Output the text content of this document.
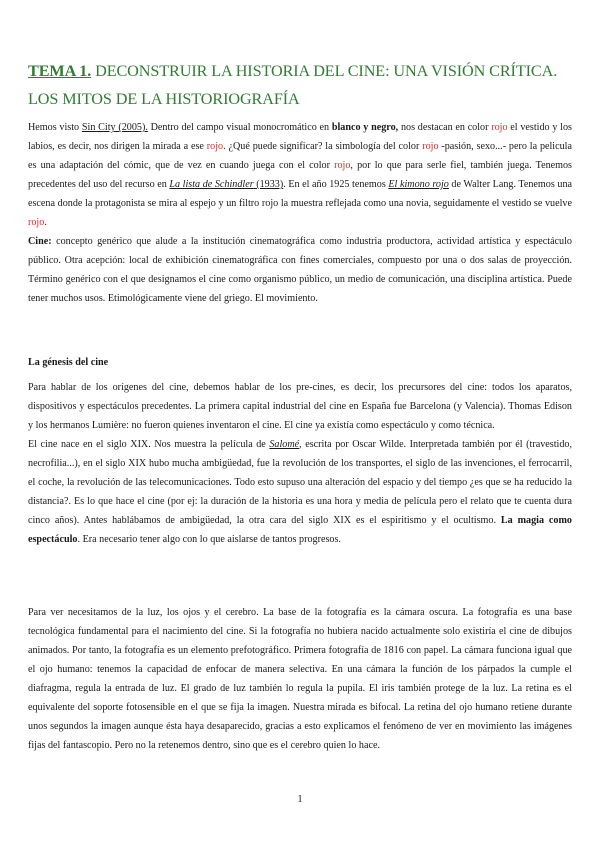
TEMA 1. DECONSTRUIR LA HISTORIA DEL CINE: UNA VISIÓN CRÍTICA.
LOS MITOS DE LA HISTORIOGRAFÍA

Hemos visto Sin City (2005). Dentro del campo visual monocromático en blanco y negro, nos destacan en color rojo el vestido y los labios, es decir, nos dirigen la mirada a ese rojo. ¿Qué puede significar? la simbología del color rojo -pasión, sexo...- pero la pelicula es una adaptación del cómic, que de vez en cuando juega con el color rojo, por lo que para serle fiel, también juega. Tenemos precedentes del uso del recurso en La lista de Schindler (1933). En el año 1925 tenemos El kimono rojo de Walter Lang. Tenemos una escena donde la protagonista se mira al espejo y un filtro rojo la muestra reflejada como una novia, seguidamente el vestido se vuelve rojo.

Cine: concepto genérico que alude a la institución cinematográfica como industria productora, actividad artística y espectáculo público. Otra acepción: local de exhibición cinematográfica con fines comerciales, compuesto por una o dos salas de proyección. Término genérico con el que designamos el cine como organismo público, un medio de comunicación, una disciplina artística. Puede tener muchos usos. Etimológicamente viene del griego. El movimiento.

La génesis del cine

Para hablar de los orígenes del cine, debemos hablar de los pre-cines, es decir, los precursores del cine: todos los aparatos, dispositivos y espectáculos precedentes. La primera capital industrial del cine en España fue Barcelona (y Valencia). Thomas Edison y los hermanos Lumière: no fueron quienes inventaron el cine. El cine ya existía como espectáculo y como técnica.

El cine nace en el siglo XIX. Nos muestra la película de Salomé, escrita por Oscar Wilde. Interpretada también por él (travestido, necrofilia...), en el siglo XIX hubo mucha ambigüedad, fue la revolución de los transportes, el siglo de las invenciones, el ferrocarril, el coche, la revolución de las telecomunicaciones. Todo esto supuso una alteración del espacio y del tiempo ¿es que se ha reducido la distancia?. Es lo que hace el cine (por ej: la duración de la historia es una hora y media de película pero el relato que te cuenta dura cinco años). Antes hablábamos de ambigüedad, la otra cara del siglo XIX es el espiritismo y el ocultismo. La magia como espectáculo. Era necesario tener algo con lo que aislarse de tantos progresos.

Para ver necesitamos de la luz, los ojos y el cerebro. La base de la fotografía es la cámara oscura. La fotografía es una base tecnológica fundamental para el nacimiento del cine. Si la fotografía no hubiera nacido actualmente solo existiría el cine de dibujos animados. Por tanto, la fotografía es un elemento prefotográfico. Primera fotografía de 1816 con papel. La cámara funciona igual que el ojo humano: tenemos la capacidad de enfocar de manera selectiva. En una cámara la función de los párpados la cumple el diafragma, regula la entrada de luz. El grado de luz también lo regula la pupila. El iris también protege de la luz. La retina es el equivalente del soporte fotosensible en el que se fija la imagen. Nuestra mirada es bifocal. La retina del ojo humano retiene durante unos segundos la imagen aunque ésta haya desaparecido, gracias a esto explicamos el fenómeno de ver en movimiento las imágenes fijas del fantascopio. Pero no la retenemos dentro, sino que es el cerebro quien lo hace.

1
